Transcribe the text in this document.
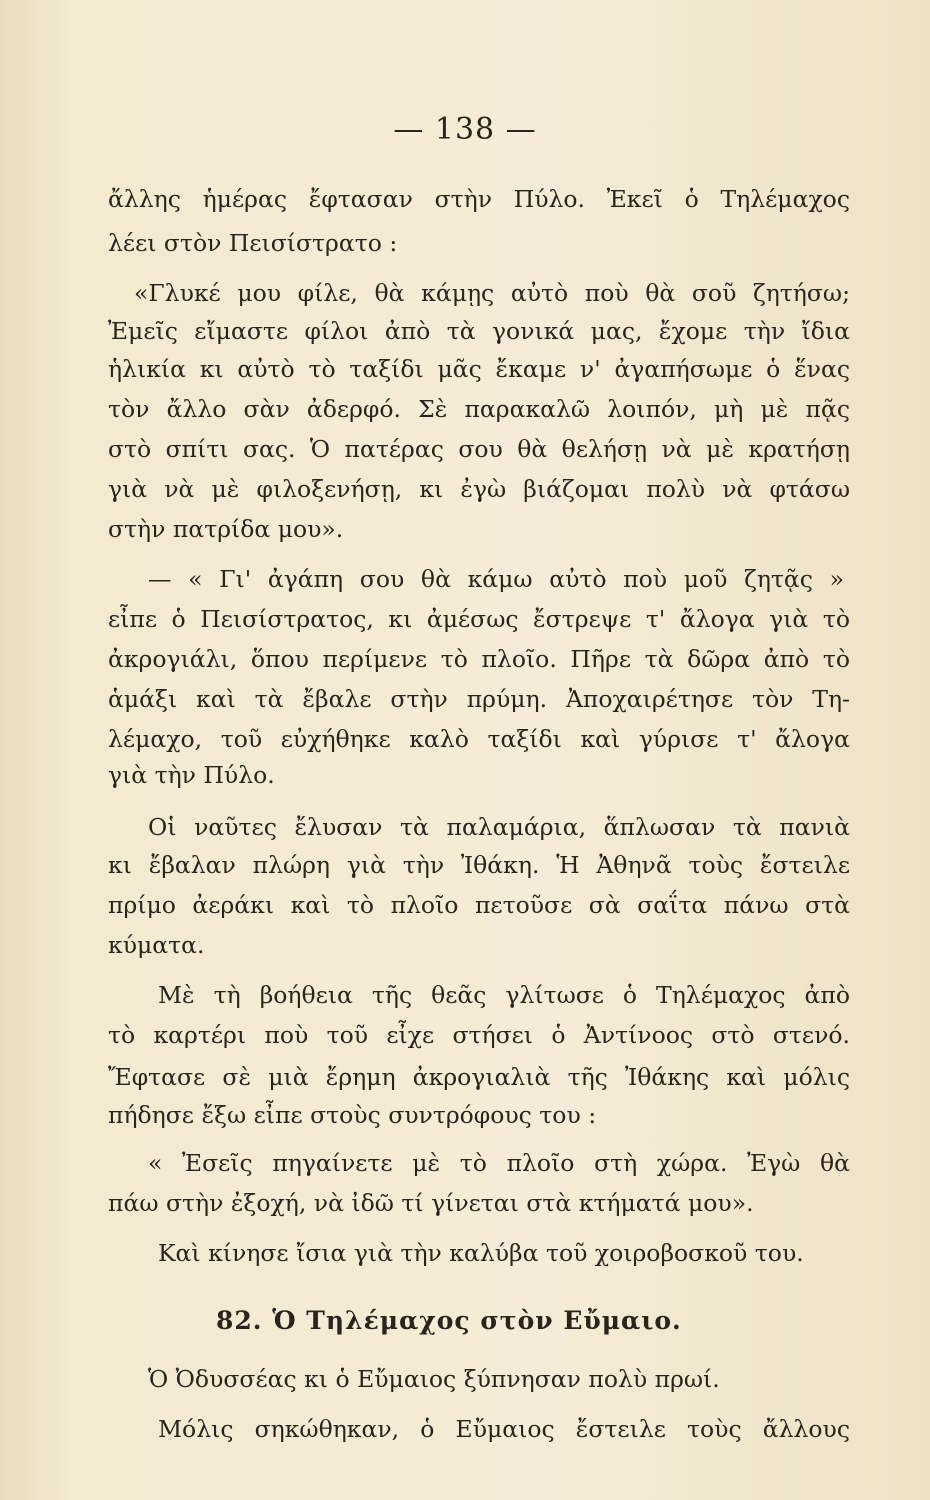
— 138 —
ἄλλης ἡμέρας ἔφτασαν στὴν Πύλο. Ἐκεῖ ὁ Τηλέμαχος
λέει στὸν Πεισίστρατο :
«Γλυκέ μου φίλε, θὰ κάμῃς αὐτὸ ποὺ θὰ σοῦ ζητήσω;
Ἐμεῖς εἴμαστε φίλοι ἀπὸ τὰ γονικά μας, ἔχομε τὴν ἴδια
ἡλικία κι αὐτὸ τὸ ταξίδι μᾶς ἔκαμε ν' ἀγαπήσωμε ὁ ἕνας
τὸν ἄλλο σὰν ἀδερφό. Σὲ παρακαλῶ λοιπόν, μὴ μὲ πᾷς
στὸ σπίτι σας. Ὁ πατέρας σου θὰ θελήσῃ νὰ μὲ κρατήσῃ
γιὰ νὰ μὲ φιλοξενήσῃ, κι ἐγὼ βιάζομαι πολὺ νὰ φτάσω
στὴν πατρίδα μου».
— « Γι' ἀγάπη σου θὰ κάμω αὐτὸ ποὺ μοῦ ζητᾷς »
εἶπε ὁ Πεισίστρατος, κι ἀμέσως ἔστρεψε τ' ἄλογα γιὰ τὸ
ἀκρογιάλι, ὅπου περίμενε τὸ πλοῖο. Πῆρε τὰ δῶρα ἀπὸ τὸ
ἁμάξι καὶ τὰ ἔβαλε στὴν πρύμη. Ἀποχαιρέτησε τὸν Τη-
λέμαχο, τοῦ εὐχήθηκε καλὸ ταξίδι καὶ γύρισε τ' ἄλογα
γιὰ τὴν Πύλο.
Οἱ ναῦτες ἔλυσαν τὰ παλαμάρια, ἅπλωσαν τὰ πανιὰ
κι ἔβαλαν πλώρη γιὰ τὴν Ἰθάκη. Ἡ Ἀθηνᾶ τοὺς ἔστειλε
πρίμο ἀεράκι καὶ τὸ πλοῖο πετοῦσε σὰ σαΐτα πάνω στὰ
κύματα.
Μὲ τὴ βοήθεια τῆς θεᾶς γλίτωσε ὁ Τηλέμαχος ἀπὸ
τὸ καρτέρι ποὺ τοῦ εἶχε στήσει ὁ Ἀντίνοος στὸ στενό.
Ἔφτασε σὲ μιὰ ἔρημη ἀκρογιαλιὰ τῆς Ἰθάκης καὶ μόλις
πήδησε ἔξω εἶπε στοὺς συντρόφους του :
« Ἐσεῖς πηγαίνετε μὲ τὸ πλοῖο στὴ χώρα. Ἐγὼ θὰ
πάω στὴν ἐξοχή, νὰ ἰδῶ τί γίνεται στὰ κτήματά μου».
Καὶ κίνησε ἴσια γιὰ τὴν καλύβα τοῦ χοιροβοσκοῦ του.
82. Ὁ Τηλέμαχος στὸν Εὔμαιο.
Ὁ Ὀδυσσέας κι ὁ Εὔμαιος ξύπνησαν πολὺ πρωί.
Μόλις σηκώθηκαν, ὁ Εὔμαιος ἔστειλε τοὺς ἄλλους
